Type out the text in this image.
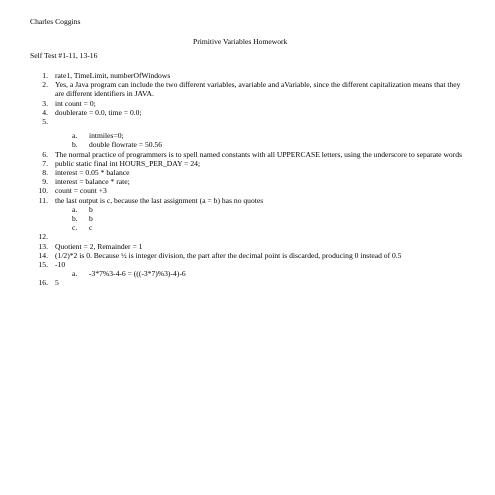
Charles Coggins
Primitive Variables Homework
Self Test #1-11, 13-16
1. rate1, TimeLimit, numberOfWindows
2. Yes, a Java program can include the two different variables, avariable and aVariable, since the different capitalization means that they are different identifiers in JAVA.
3. int count = 0;
4. doublerate = 0.0, time = 0.0;
5.

a.	intmiles=0;
b.	double flowrate = 50.56
6. The normal practice of programmers is to spell named constants with all UPPERCASE letters, using the underscore to separate words
7. public static final int HOURS_PER_DAY = 24;
8. interest = 0.05 * balance
9. interest = balance * rate;
10. count = count +3
11. the last output is c, because the last assignment (a = b) has no quotes
a.	b
b.	b
c.	c
12.

13. Quotient = 2, Remainder = 1
14. (1/2)*2 is 0. Because ½ is integer division, the part after the decimal point is discarded, producing 0 instead of 0.5
15. -10
a.	-3*7%3-4-6 = (((-3*7)%3)-4)-6
16. 5
